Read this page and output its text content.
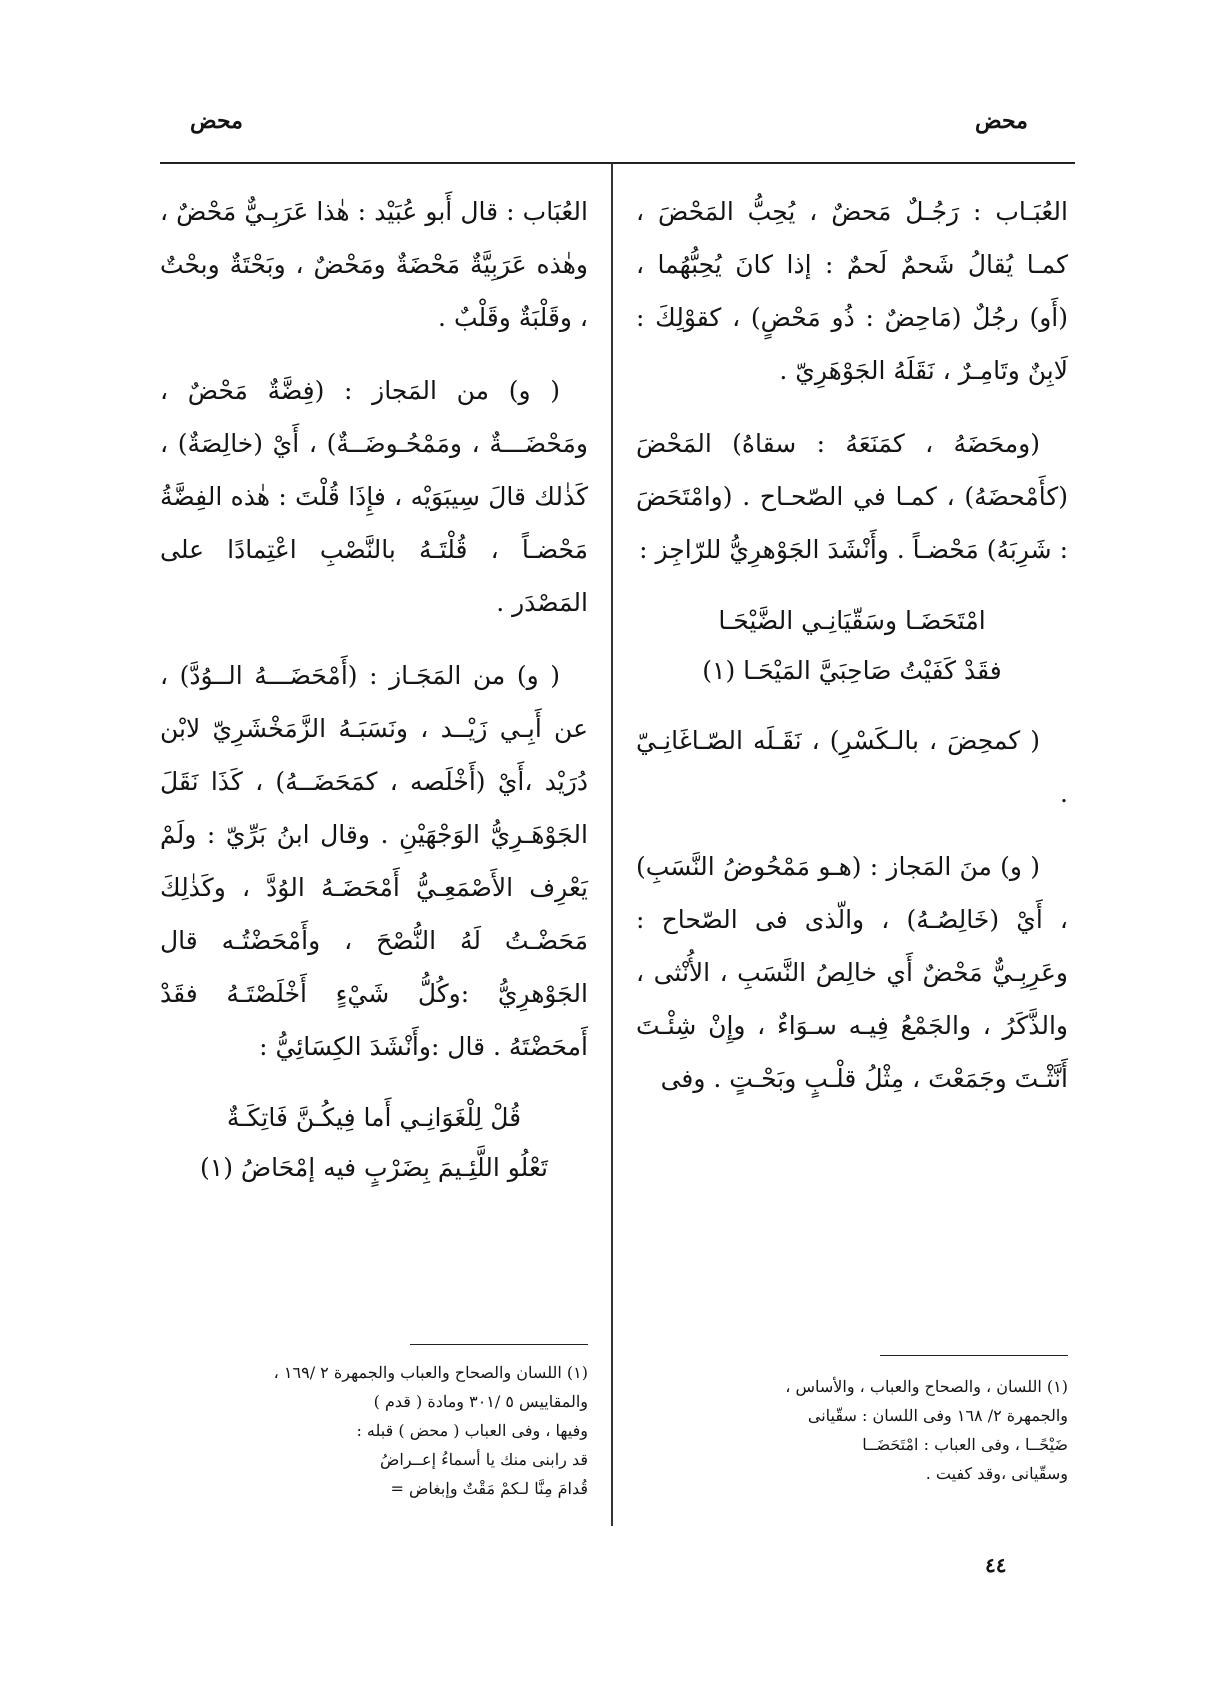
محض	محض

العُبَـاب : رَجُـلٌ مَحضٌ ، يُحِبُّ المَحْضَ ، كمـا يُقالُ شَحمٌ لَحمٌ : إذا كانَ يُحِبُّهُما ، (أَو) رجُلٌ (مَاحِضٌ : ذُو مَحْضٍ) ، كقوْلِكَ : لَابِنٌ وتَامِـرٌ ، نَقَلَهُ الجَوْهَرِيّ .

(ومحَضَهُ ، كمَنَعَهُ : سقاهُ) المَحْضَ (كأَمْحضَهُ) ، كمـا في الصّحـاح . (وامْتَحَضَ : شَرِبَهُ) مَحْضـاً . وأَنْشَدَ الجَوْهرِيُّ للرّاجِز :

امْتَحَضَـا وسَقّيَانِـي الضَّيْحَـا
فقَدْ كَفَيْتُ صَاحِبَيَّ المَيْحَـا (١)

( كمحِضَ ، بالـكَسْرِ) ، نَقَـلَه الصّـاغَانِـيّ .

( و) منَ المَجاز : (هـو مَمْحُوضُ النَّسَبِ) ، أَيْ (خَالِصُـهُ) ، والّذى فى الصّحاح : وعَرِبِـيٌّ مَحْضٌ أَي خالِصُ النَّسَبِ ، الأُنْثى ، والذَّكَرُ ، والجَمْعُ فِيـه سـوَاءٌ ، وإِنْ شِئْـتَ أَنَّثْـتَ وجَمَعْتَ ، مِثْلُ قلْـبٍ وبَحْـتٍ . وفى

العُبَاب : قال أَبو عُبَيْد : هٰذا عَرَبِـيٌّ مَحْضٌ ، وهٰذه عَرَبِيَّةٌ مَحْضَةٌ ومَحْضٌ ، وبَحْتَةٌ وبحْتٌ ، وقَلْبَةٌ وقَلْبٌ .

( و) من المَجاز : (فِضَّةٌ مَحْضٌ ، ومَحْضَـــةٌ ، ومَمْحُـوضَــةٌ) ، أَيْ (خالِصَةٌ) ، كَذٰلك قالَ سِيبَوَيْه ، فإِذَا قُلْتَ : هٰذه الفِضَّةُ مَحْضـاً ، قُلْتَـهُ بالنَّصْبِ اعْتِمادًا على المَصْدَر .

( و) من المَجَـاز : (أَمْحَضَـــهُ الــوُدَّ) ، عن أَبِـي زَيْــد ، ونَسَبَـهُ الزَّمَخْشَرِيّ لابْن دُرَيْد ،أَيْ (أَخْلَصه ، كمَحَضَــهُ) ، كَذَا نَقَلَ الجَوْهَـرِيُّ الوَجْهَيْنِ . وقال ابنُ بَرِّيّ : ولَمْ يَعْرِف الأَصْمَعِـيُّ أَمْحَضَـهُ الوُدَّ ، وكَذٰلِكَ مَحَضْـتُ لَهُ النُّصْحَ ، وأَمْحَضْتُـه قال الجَوْهرِيُّ :وكُلُّ شَيْءٍ أَخْلَصْتَـهُ فقَدْ أَمحَضْتَهُ . قال :وأَنْشَدَ الكِسَائِيُّ :

قُلْ لِلْغَوَانِـي أَما فِيكُـنَّ فَاتِكَـةٌ
تَعْلُو اللَّئِـيمَ بِضَرْبٍ فيه إمْحَاضُ (١)
(١) اللسان والصحاح والعباب والجمهرة ٢ /١٦٩ ،
والمقاييس ٥ /٣٠١ ومادة ( قدم )
وفيها ، وفى العباب ( محض ) قبله :
قد رابنى منك يا أسماءُ إعــراضُ
قُدامَ مِنَّا لـكمْ مَقْتٌ وإبغاض =
(١) اللسان ، والصحاح والعباب ، والأساس ،
والجمهرة ٢/ ١٦٨ وفى اللسان : سقّيانى
ضَيْحًــا ، وفى العباب : امْتَحَضَــا
وسقّيانى ،وقد كفيت .
٤٤
